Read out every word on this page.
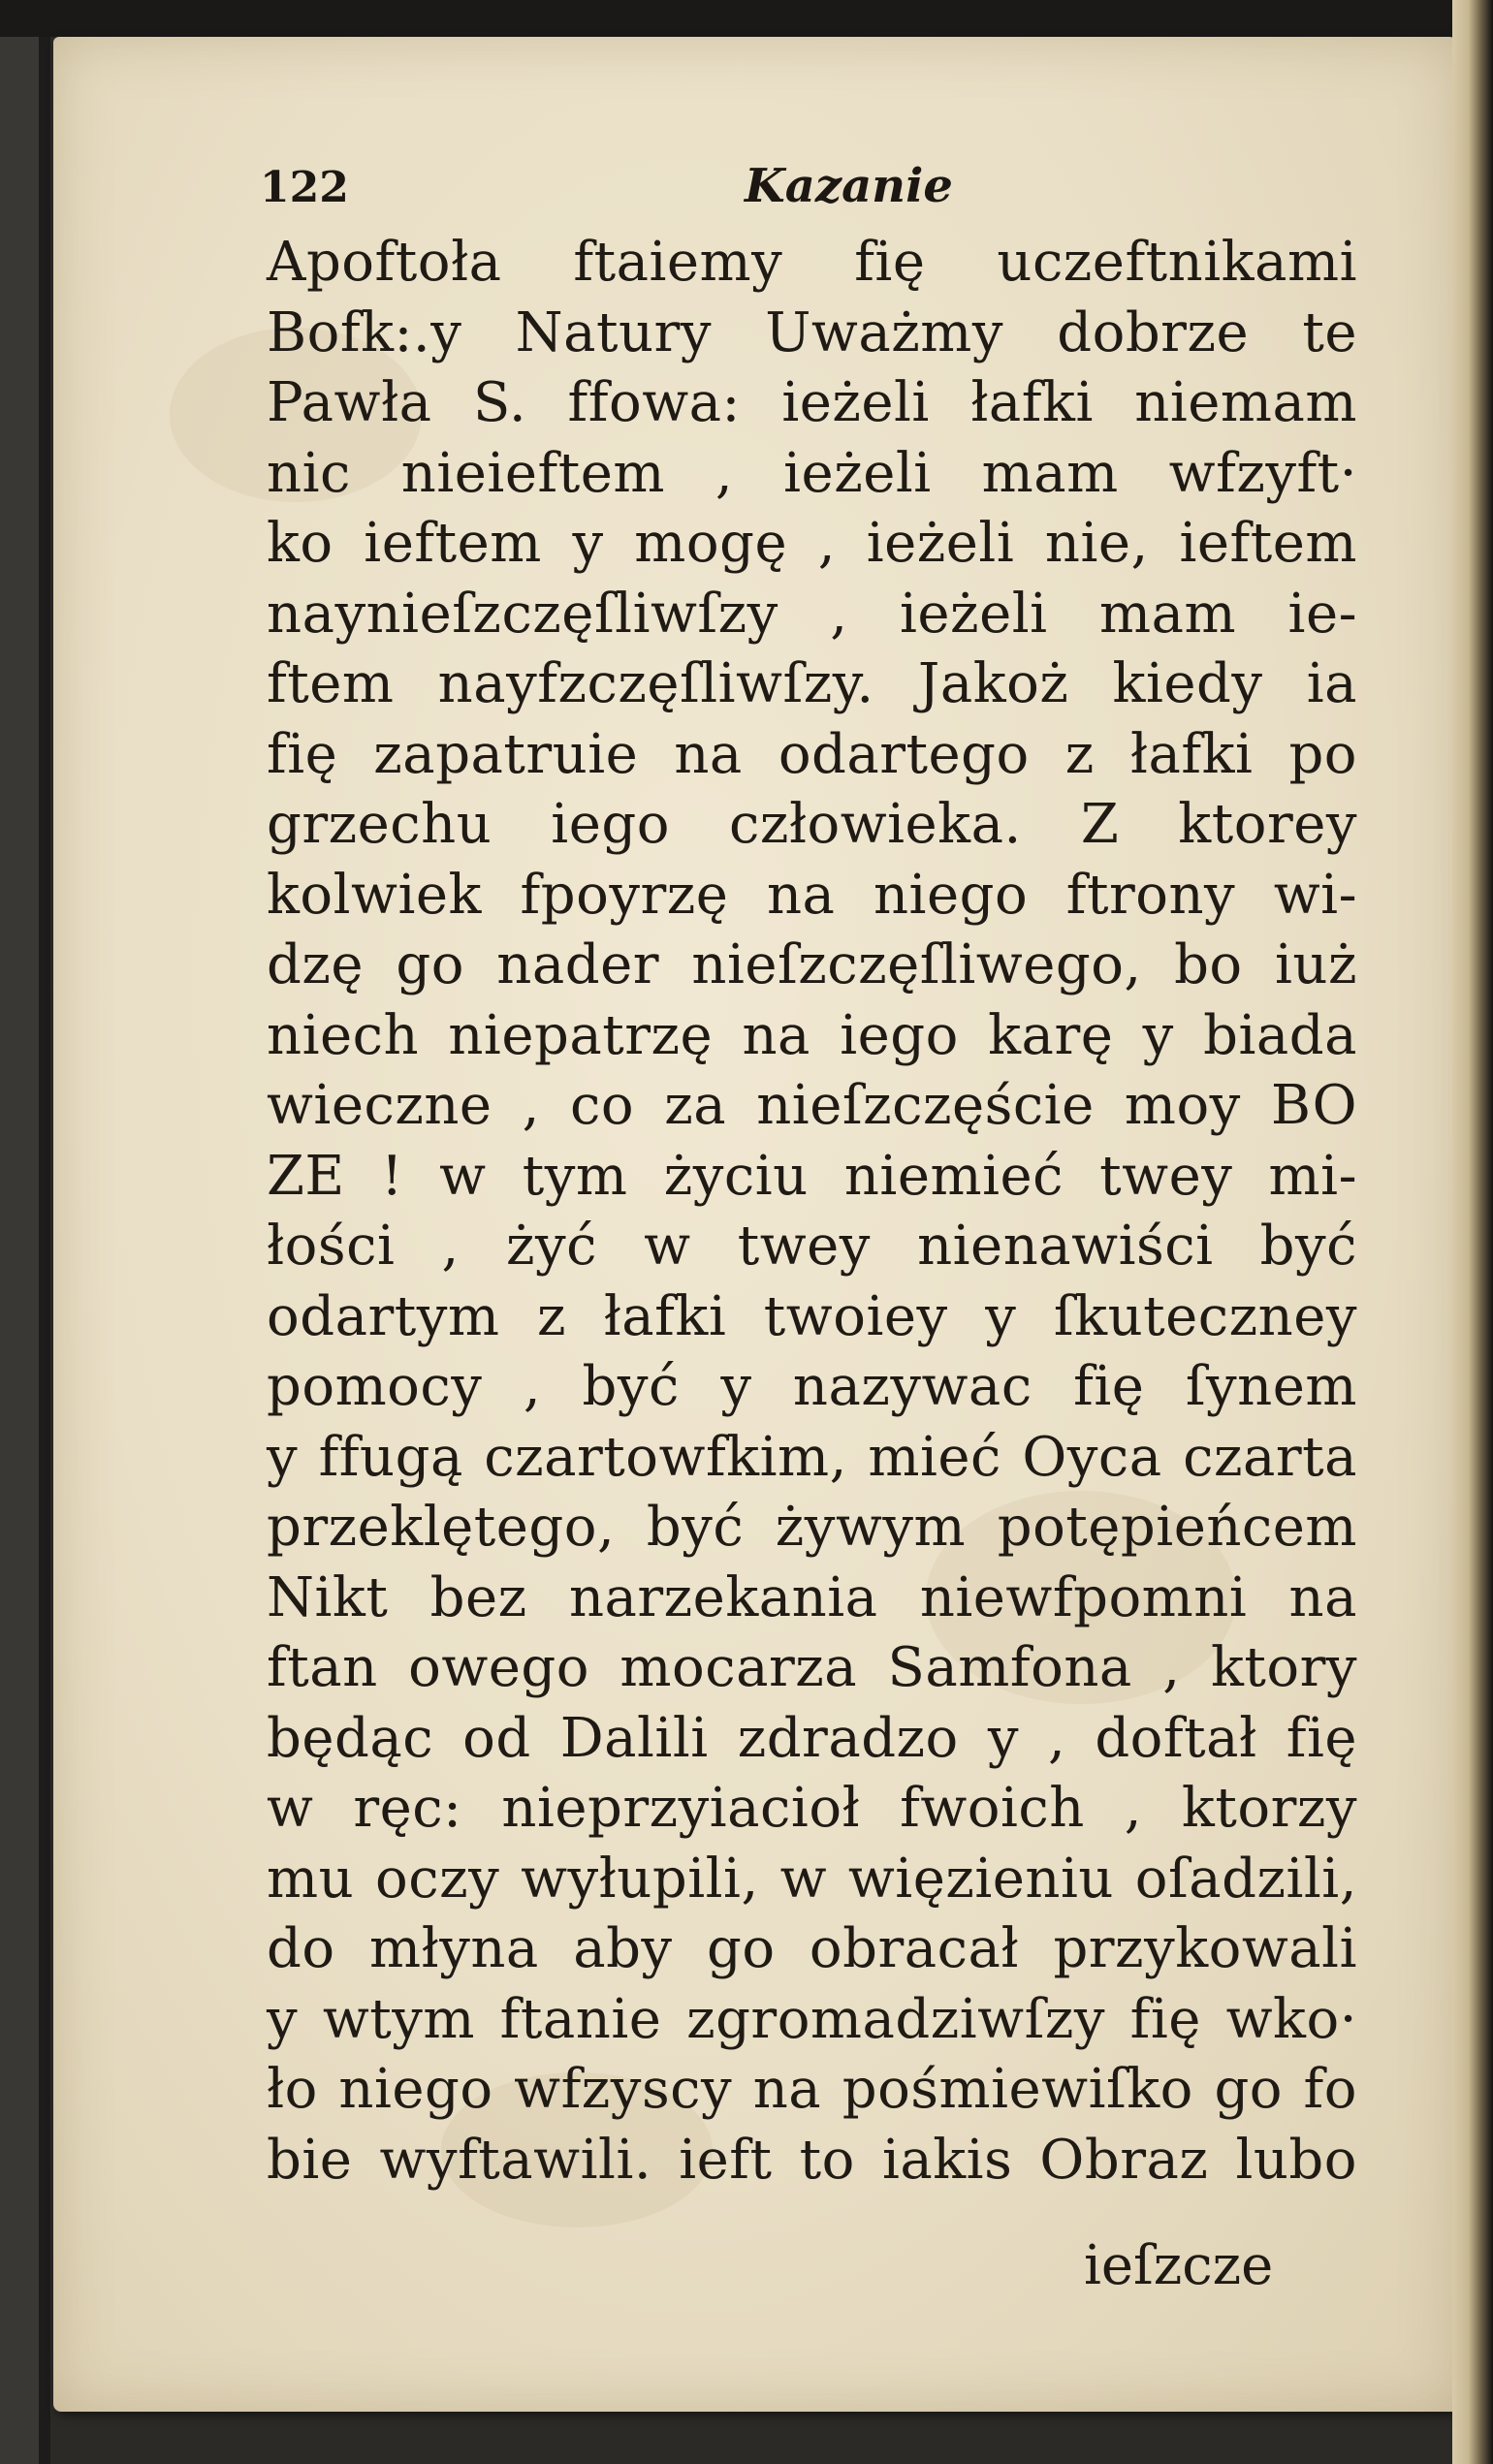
122	Kazanie
Apoftoła ftaiemy fię uczeftnikami
Bofk:.y Natury Uważmy dobrze te
Pawła S. ffowa: ieżeli łafki niemam
nic nieieftem , ieżeli mam wfzyft·
ko ieftem y mogę , ieżeli nie, ieftem
naynieſzczęſliwſzy , ieżeli mam ie-
ftem nayfzczęſliwſzy. Jakoż kiedy ia
fię zapatruie na odartego z łafki po
grzechu iego człowieka. Z ktorey
kolwiek fpoyrzę na niego ftrony wi-
dzę go nader nieſzczęſliwego, bo iuż
niech niepatrzę na iego karę y biada
wieczne , co za nieſzczęście moy BO
ZE ! w tym życiu niemieć twey mi-
łości , żyć w twey nienawiści być
odartym z łafki twoiey y ſkuteczney
pomocy , być y nazywac fię ſynem
y ffugą czartowfkim, mieć Oyca czarta
przeklętego, być żywym potępieńcem
Nikt bez narzekania niewfpomni na
ftan owego mocarza Samfona , ktory
będąc od Dalili zdradzo y , doftał fię
w ręc: nieprzyiacioł fwoich , ktorzy
mu oczy wyłupili, w więzieniu oſadzili,
do młyna aby go obracał przykowali
y wtym ftanie zgromadziwſzy fię wko·
ło niego wfzyscy na pośmiewiſko go fo
bie wyftawili. ieft to iakis Obraz lubo
ieſzcze
